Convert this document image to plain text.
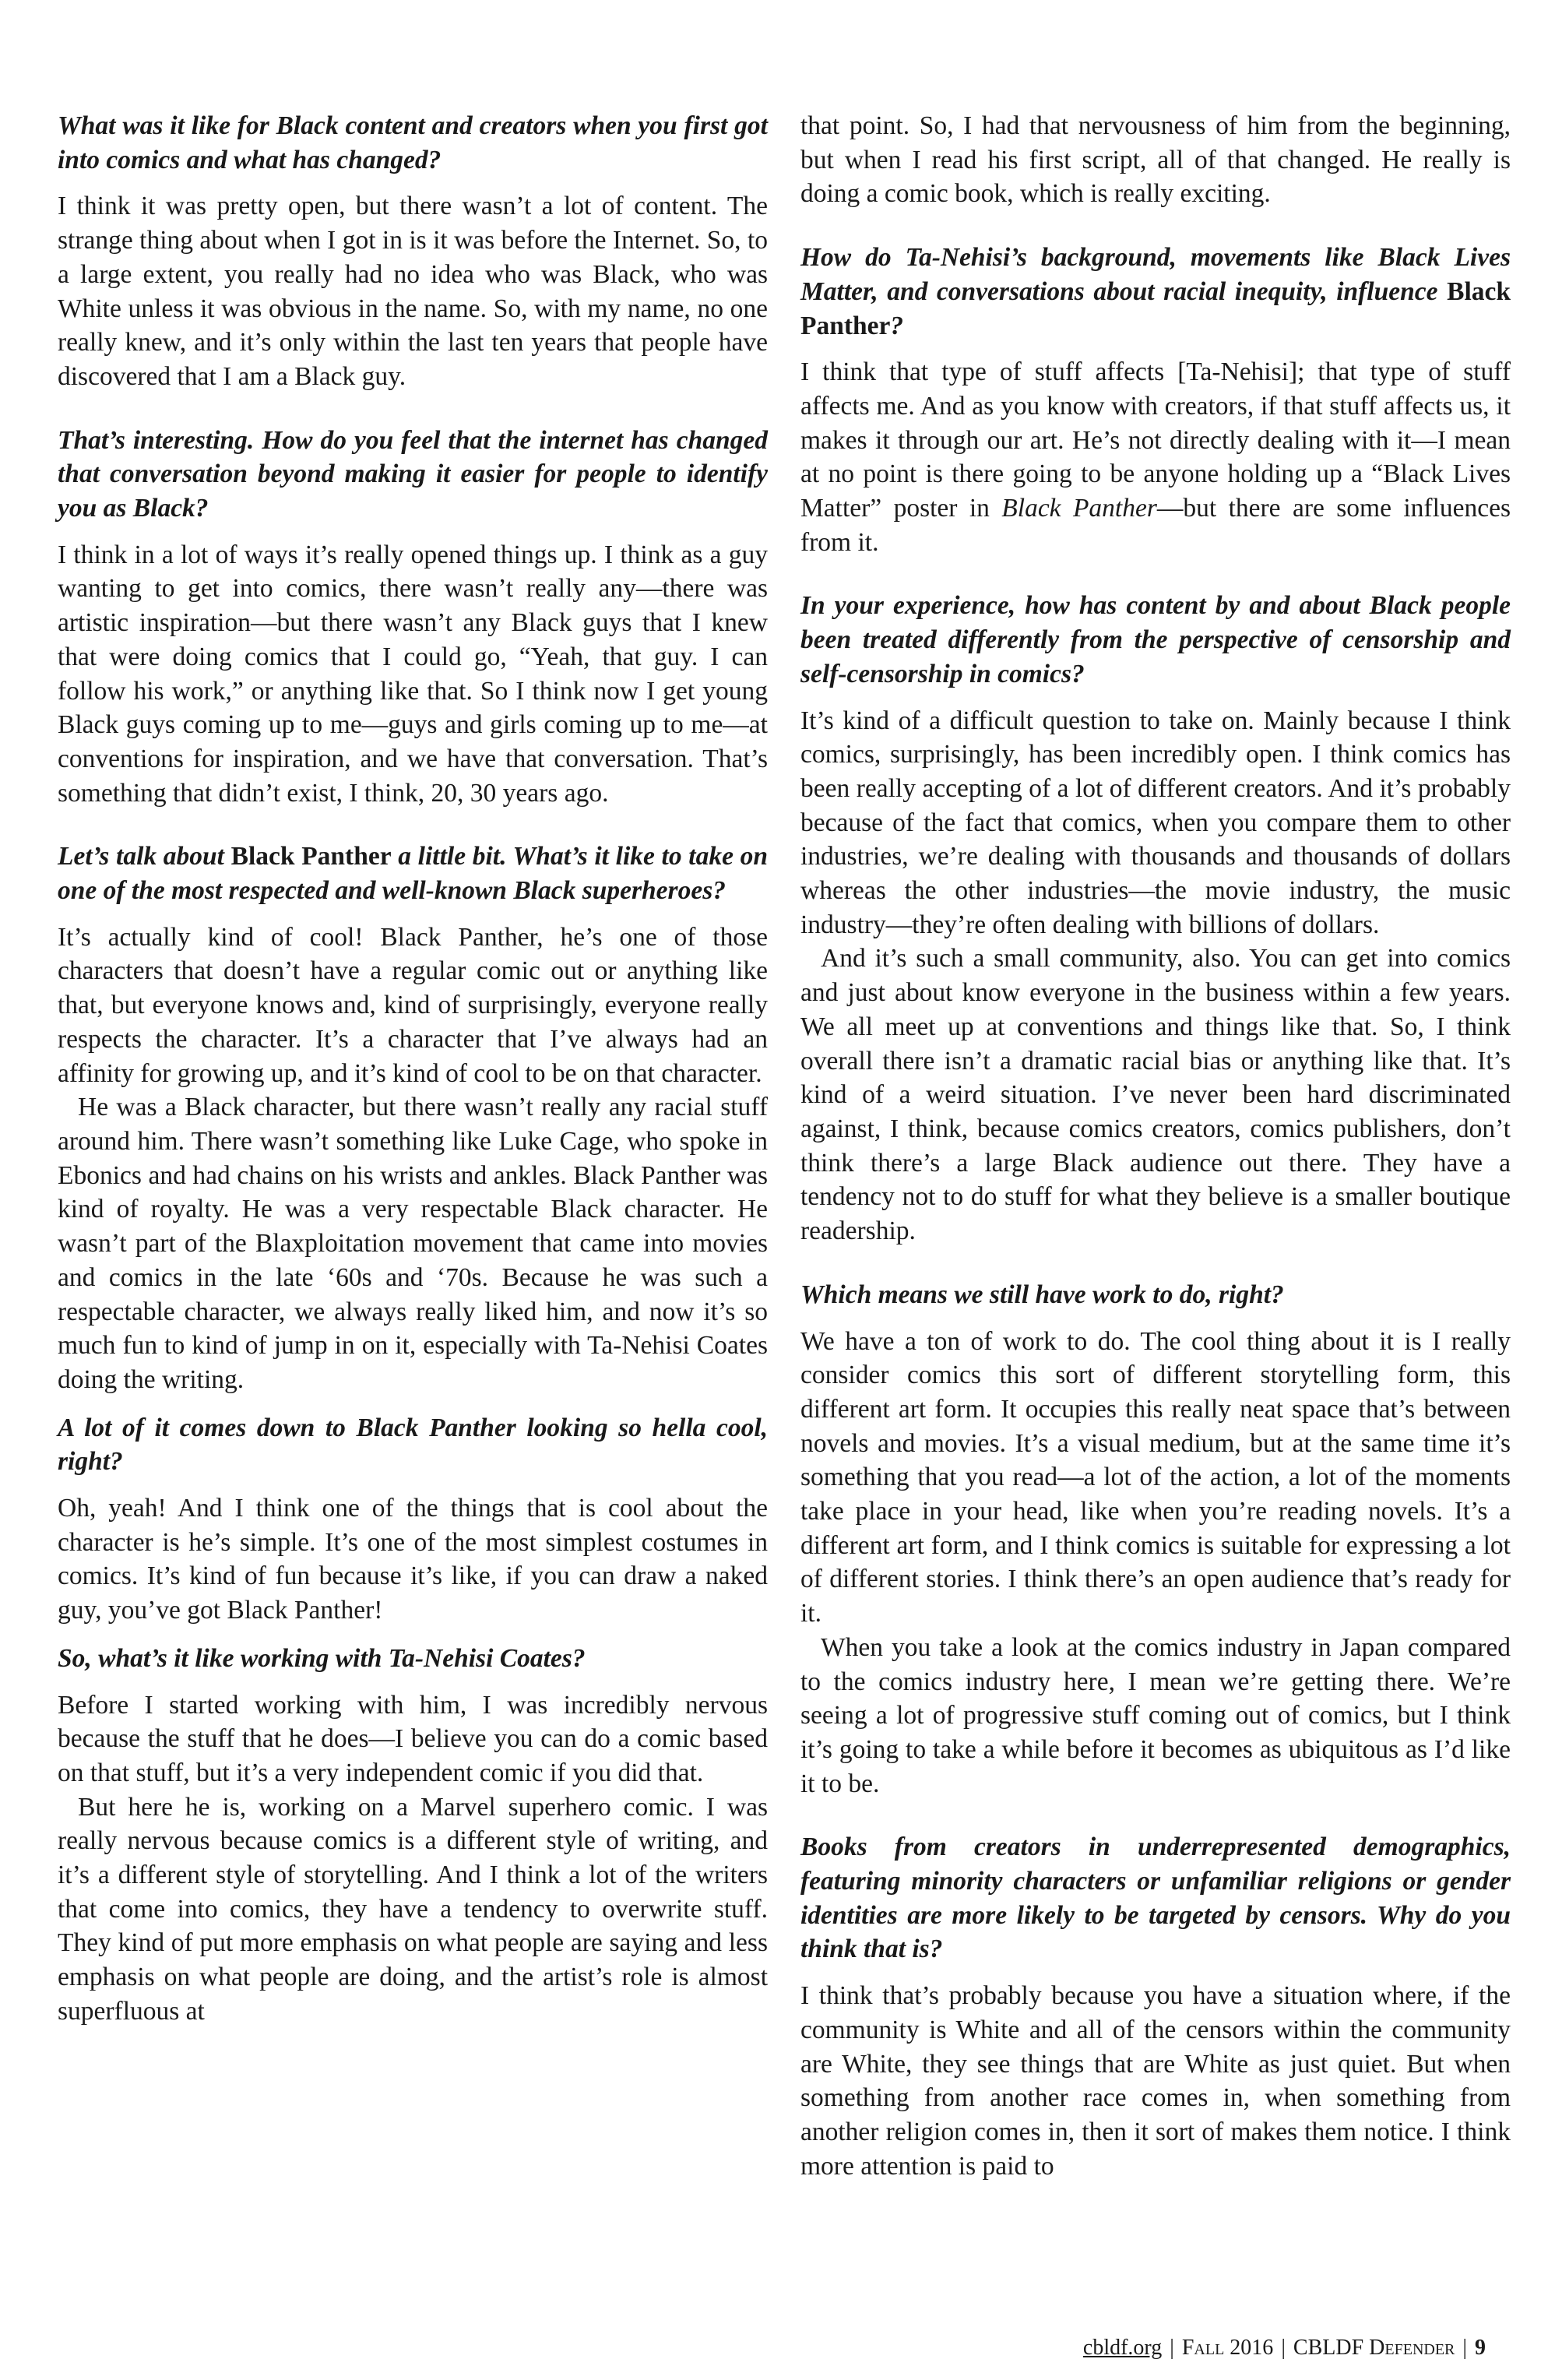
What was it like for Black content and creators when you first got into comics and what has changed?

I think it was pretty open, but there wasn’t a lot of content. The strange thing about when I got in is it was before the Internet. So, to a large extent, you really had no idea who was Black, who was White unless it was obvious in the name. So, with my name, no one really knew, and it’s only within the last ten years that people have discovered that I am a Black guy.

That’s interesting. How do you feel that the internet has changed that conversation beyond making it easier for people to identify you as Black?

I think in a lot of ways it’s really opened things up. I think as a guy wanting to get into comics, there wasn’t really any—there was artistic inspiration—but there wasn’t any Black guys that I knew that were doing comics that I could go, “Yeah, that guy. I can follow his work,” or anything like that. So I think now I get young Black guys coming up to me—guys and girls coming up to me—at conventions for inspiration, and we have that conversation. That’s something that didn’t exist, I think, 20, 30 years ago.

Let’s talk about Black Panther a little bit. What’s it like to take on one of the most respected and well-known Black superheroes?

It’s actually kind of cool! Black Panther, he’s one of those characters that doesn’t have a regular comic out or anything like that, but everyone knows and, kind of surprisingly, everyone really respects the character. It’s a character that I’ve always had an affinity for growing up, and it’s kind of cool to be on that character.

He was a Black character, but there wasn’t really any racial stuff around him. There wasn’t something like Luke Cage, who spoke in Ebonics and had chains on his wrists and ankles. Black Panther was kind of royalty. He was a very respectable Black character. He wasn’t part of the Blaxploitation movement that came into movies and comics in the late ‘60s and ‘70s. Because he was such a respectable character, we always really liked him, and now it’s so much fun to kind of jump in on it, especially with Ta-Nehisi Coates doing the writing.

A lot of it comes down to Black Panther looking so hella cool, right?

Oh, yeah! And I think one of the things that is cool about the character is he’s simple. It’s one of the most simplest costumes in comics. It’s kind of fun because it’s like, if you can draw a naked guy, you’ve got Black Panther!

So, what’s it like working with Ta-Nehisi Coates?

Before I started working with him, I was incredibly nervous because the stuff that he does—I believe you can do a comic based on that stuff, but it’s a very independent comic if you did that.

But here he is, working on a Marvel superhero comic. I was really nervous because comics is a different style of writing, and it’s a different style of storytelling. And I think a lot of the writers that come into comics, they have a tendency to overwrite stuff. They kind of put more emphasis on what people are saying and less emphasis on what people are doing, and the artist’s role is almost superfluous at

that point. So, I had that nervousness of him from the beginning, but when I read his first script, all of that changed. He really is doing a comic book, which is really exciting.

How do Ta-Nehisi’s background, movements like Black Lives Matter, and conversations about racial inequity, influence Black Panther?

I think that type of stuff affects [Ta-Nehisi]; that type of stuff affects me. And as you know with creators, if that stuff affects us, it makes it through our art. He’s not directly dealing with it—I mean at no point is there going to be anyone holding up a “Black Lives Matter” poster in Black Panther—but there are some influences from it.

In your experience, how has content by and about Black people been treated differently from the perspective of censorship and self-censorship in comics?

It’s kind of a difficult question to take on. Mainly because I think comics, surprisingly, has been incredibly open. I think comics has been really accepting of a lot of different creators. And it’s probably because of the fact that comics, when you compare them to other industries, we’re dealing with thousands and thousands of dollars whereas the other industries—the movie industry, the music industry—they’re often dealing with billions of dollars.

And it’s such a small community, also. You can get into comics and just about know everyone in the business within a few years. We all meet up at conventions and things like that. So, I think overall there isn’t a dramatic racial bias or anything like that. It’s kind of a weird situation. I’ve never been hard discriminated against, I think, because comics creators, comics publishers, don’t think there’s a large Black audience out there. They have a tendency not to do stuff for what they believe is a smaller boutique readership.

Which means we still have work to do, right?

We have a ton of work to do. The cool thing about it is I really consider comics this sort of different storytelling form, this different art form. It occupies this really neat space that’s between novels and movies. It’s a visual medium, but at the same time it’s something that you read—a lot of the action, a lot of the moments take place in your head, like when you’re reading novels. It’s a different art form, and I think comics is suitable for expressing a lot of different stories. I think there’s an open audience that’s ready for it.

When you take a look at the comics industry in Japan compared to the comics industry here, I mean we’re getting there. We’re seeing a lot of progressive stuff coming out of comics, but I think it’s going to take a while before it becomes as ubiquitous as I’d like it to be.

Books from creators in underrepresented demographics, featuring minority characters or unfamiliar religions or gender identities are more likely to be targeted by censors. Why do you think that is?

I think that’s probably because you have a situation where, if the community is White and all of the censors within the community are White, they see things that are White as just quiet. But when something from another race comes in, when something from another religion comes in, then it sort of makes them notice. I think more attention is paid to

cbldf.org | Fall 2016 | CBLDF Defender | 9
